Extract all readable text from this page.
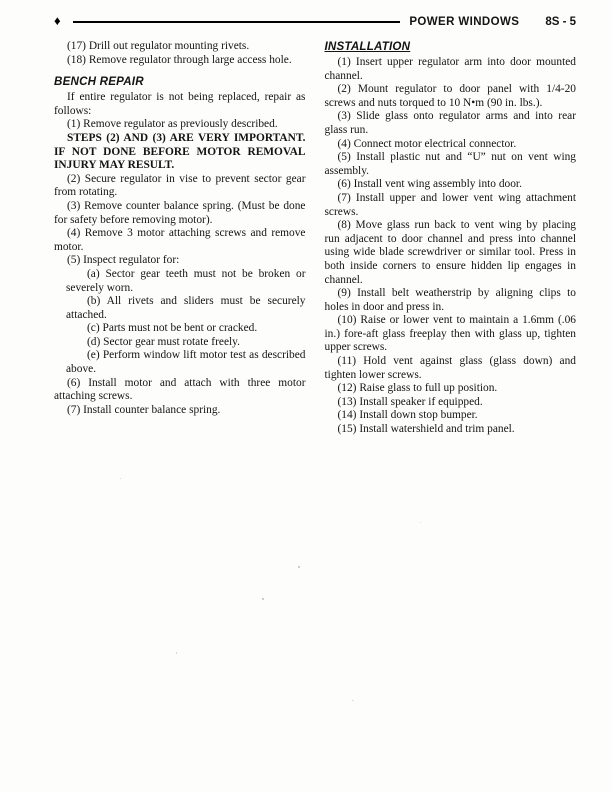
♦	POWER WINDOWS 8S - 5

(17) Drill out regulator mounting rivets.

(18) Remove regulator through large access hole.

BENCH REPAIR

If entire regulator is not being replaced, repair as follows:

(1) Remove regulator as previously described.

STEPS (2) AND (3) ARE VERY IMPORTANT. IF NOT DONE BEFORE MOTOR REMOVAL INJURY MAY RESULT.

(2) Secure regulator in vise to prevent sector gear from rotating.

(3) Remove counter balance spring. (Must be done for safety before removing motor).

(4) Remove 3 motor attaching screws and remove motor.

(5) Inspect regulator for:

(a) Sector gear teeth must not be broken or severely worn.

(b) All rivets and sliders must be securely attached.

(c) Parts must not be bent or cracked.

(d) Sector gear must rotate freely.

(e) Perform window lift motor test as described above.

(6) Install motor and attach with three motor attaching screws.

(7) Install counter balance spring.

INSTALLATION

(1) Insert upper regulator arm into door mounted channel.

(2) Mount regulator to door panel with 1/4-20 screws and nuts torqued to 10 N•m (90 in. lbs.).

(3) Slide glass onto regulator arms and into rear glass run.

(4) Connect motor electrical connector.

(5) Install plastic nut and “U” nut on vent wing assembly.

(6) Install vent wing assembly into door.

(7) Install upper and lower vent wing attachment screws.

(8) Move glass run back to vent wing by placing run adjacent to door channel and press into channel using wide blade screwdriver or similar tool. Press in both inside corners to ensure hidden lip engages in channel.

(9) Install belt weatherstrip by aligning clips to holes in door and press in.

(10) Raise or lower vent to maintain a 1.6mm (.06 in.) fore-aft glass freeplay then with glass up, tighten upper screws.

(11) Hold vent against glass (glass down) and tighten lower screws.

(12) Raise glass to full up position.

(13) Install speaker if equipped.

(14) Install down stop bumper.

(15) Install watershield and trim panel.
